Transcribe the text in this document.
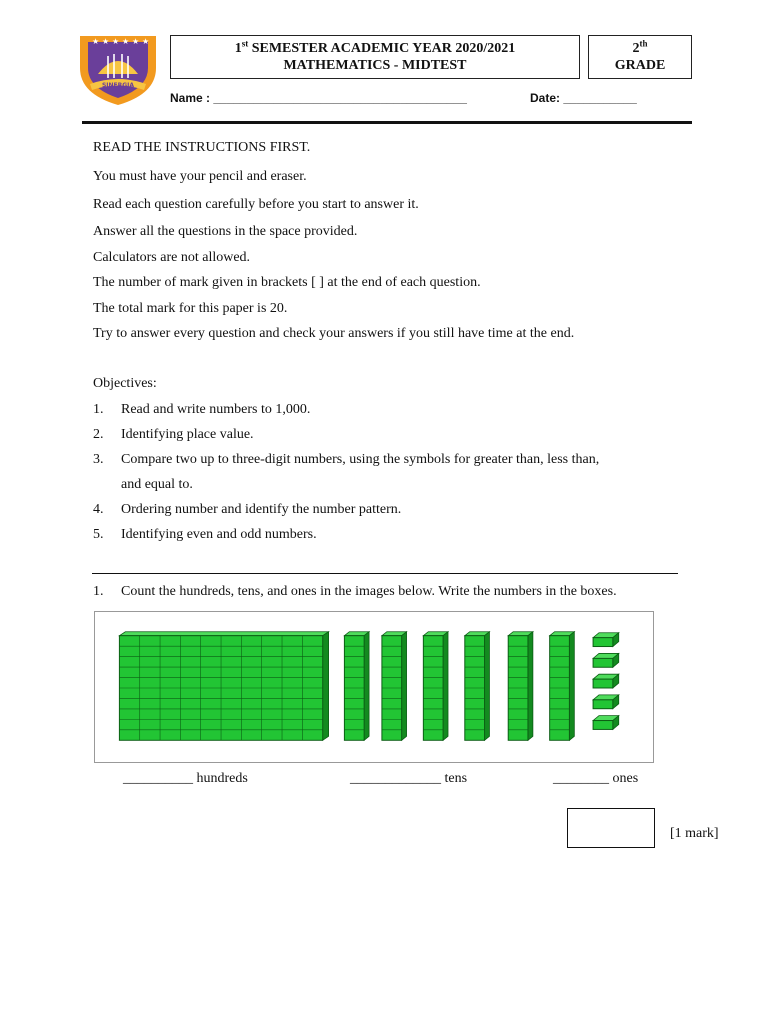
★ ★ ★ ★ ★ ★
SINERGIA
1st SEMESTER ACADEMIC YEAR 2020/2021
MATHEMATICS - MIDTEST
2th
GRADE
Name : ______________________________________	Date: ___________
READ THE INSTRUCTIONS FIRST.
You must have your pencil and eraser.
Read each question carefully before you start to answer it.
Answer all the questions in the space provided.
Calculators are not allowed.
The number of mark given in brackets [ ] at the end of each question.
The total mark for this paper is 20.
Try to answer every question and check your answers if you still have time at the end.
Objectives:
1. Read and write numbers to 1,000.
2. Identifying place value.
3. Compare two up to three-digit numbers, using the symbols for greater than, less than,
and equal to.
4. Ordering number and identify the number pattern.
5. Identifying even and odd numbers.
1. Count the hundreds, tens, and ones in the images below. Write the numbers in the boxes.
__________ hundreds	_____________ tens	________ ones
[1 mark]
